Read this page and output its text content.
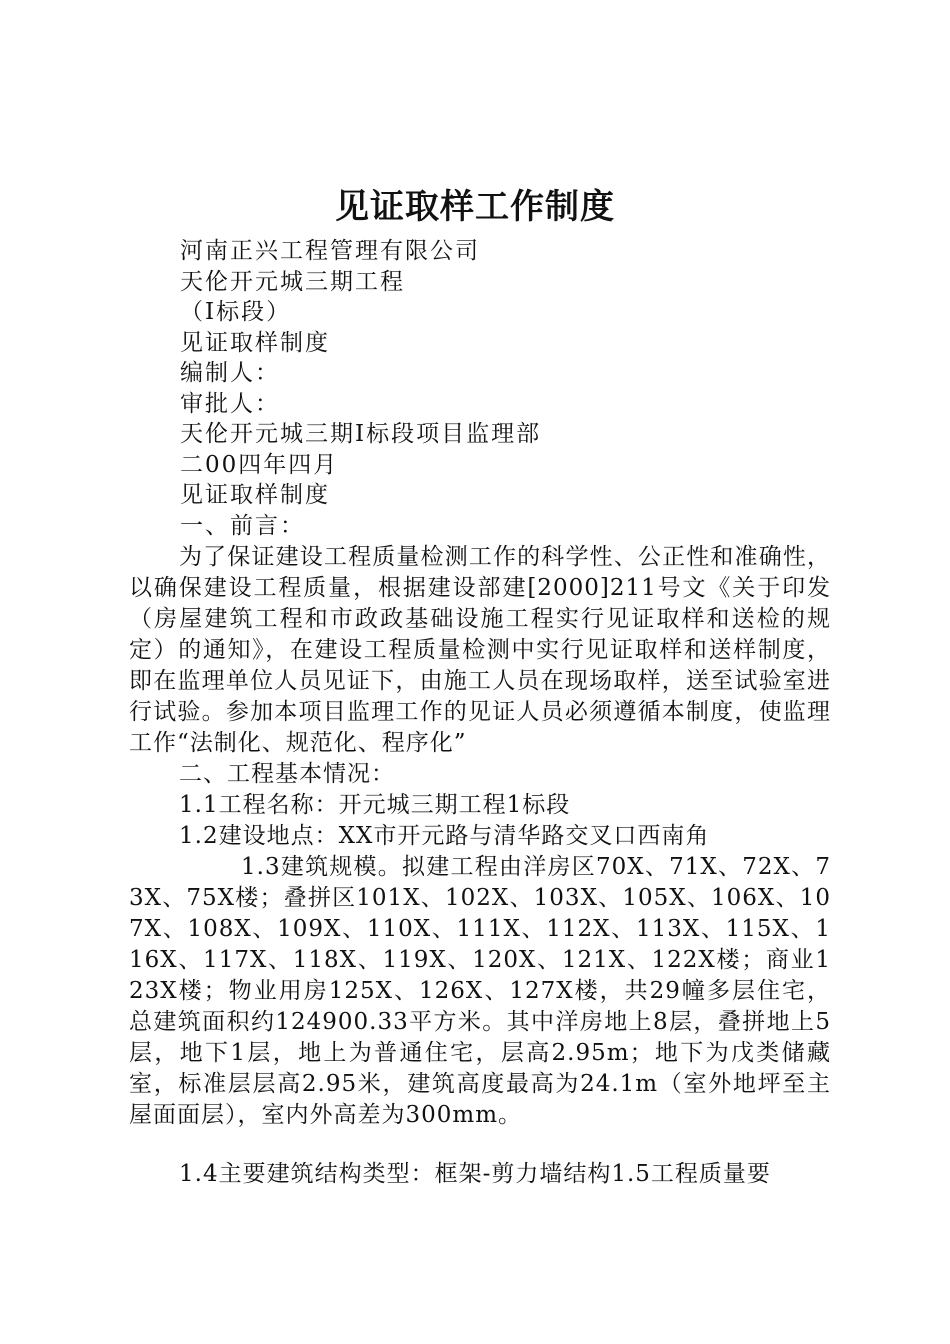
见证取样工作制度
河南正兴工程管理有限公司
天伦开元城三期工程
（Ⅰ标段）
见证取样制度
编制人：
审批人：
天伦开元城三期Ⅰ标段项目监理部
二00四年四月
见证取样制度
一、前言：

为了保证建设工程质量检测工作的科学性、公正性和准确性，以确保建设工程质量，根据建设部建[2000]211号文《关于印发（房屋建筑工程和市政政基础设施工程实行见证取样和送检的规定）的通知》，在建设工程质量检测中实行见证取样和送样制度，即在监理单位人员见证下，由施工人员在现场取样，送至试验室进行试验。参加本项目监理工作的见证人员必须遵循本制度，使监理工作“法制化、规范化、程序化”

二、工程基本情况：

1.1工程名称：开元城三期工程1标段

1.2建设地点：XX市开元路与清华路交叉口西南角

1.3建筑规模。拟建工程由洋房区70X、71X、72X、73X、75X楼；叠拼区101X、102X、103X、105X、106X、107X、108X、109X、110X、111X、112X、113X、115X、116X、117X、118X、119X、120X、121X、122X楼；商业123X楼；物业用房125X、126X、127X楼，共29幢多层住宅，总建筑面积约124900.33平方米。其中洋房地上8层，叠拼地上5层，地下1层，地上为普通住宅，层高2.95m；地下为戊类储藏室，标准层层高2.95米，建筑高度最高为24.1m（室外地坪至主屋面面层），室内外高差为300mm。

1.4主要建筑结构类型：框架-剪力墙结构1.5工程质量要
